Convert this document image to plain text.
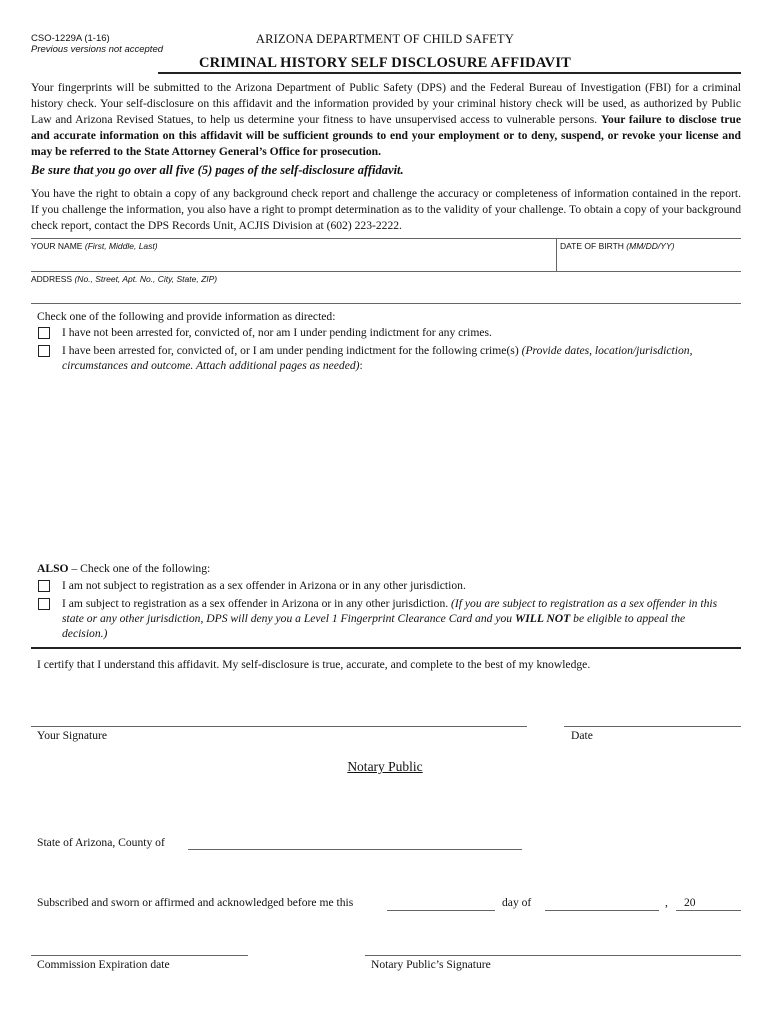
CSO-1229A (1-16)
Previous versions not accepted
ARIZONA DEPARTMENT OF CHILD SAFETY
CRIMINAL HISTORY SELF DISCLOSURE AFFIDAVIT
Your fingerprints will be submitted to the Arizona Department of Public Safety (DPS) and the Federal Bureau of Investigation (FBI) for a criminal history check. Your self-disclosure on this affidavit and the information provided by your criminal history check will be used, as authorized by Public Law and Arizona Revised Statues, to help us determine your fitness to have unsupervised access to vulnerable persons. Your failure to disclose true and accurate information on this affidavit will be sufficient grounds to end your employment or to deny, suspend, or revoke your license and may be referred to the State Attorney General’s Office for prosecution.
Be sure that you go over all five (5) pages of the self-disclosure affidavit.
You have the right to obtain a copy of any background check report and challenge the accuracy or completeness of information contained in the report. If you challenge the information, you also have a right to prompt determination as to the validity of your challenge. To obtain a copy of your background check report, contact the DPS Records Unit, ACJIS Division at (602) 223-2222.
YOUR NAME (First, Middle, Last)	DATE OF BIRTH (MM/DD/YY)
ADDRESS (No., Street, Apt. No., City, State, ZIP)
Check one of the following and provide information as directed:
I have not been arrested for, convicted of, nor am I under pending indictment for any crimes.
I have been arrested for, convicted of, or I am under pending indictment for the following crime(s) (Provide dates, location/jurisdiction, circumstances and outcome. Attach additional pages as needed):
ALSO – Check one of the following:
I am not subject to registration as a sex offender in Arizona or in any other jurisdiction.
I am subject to registration as a sex offender in Arizona or in any other jurisdiction. (If you are subject to registration as a sex offender in this state or any other jurisdiction, DPS will deny you a Level 1 Fingerprint Clearance Card and you WILL NOT be eligible to appeal the decision.)
I certify that I understand this affidavit. My self-disclosure is true, accurate, and complete to the best of my knowledge.
Your Signature	Date
Notary Public
State of Arizona, County of
Subscribed and sworn or affirmed and acknowledged before me this	day of	, 20
Commission Expiration date	Notary Public’s Signature
